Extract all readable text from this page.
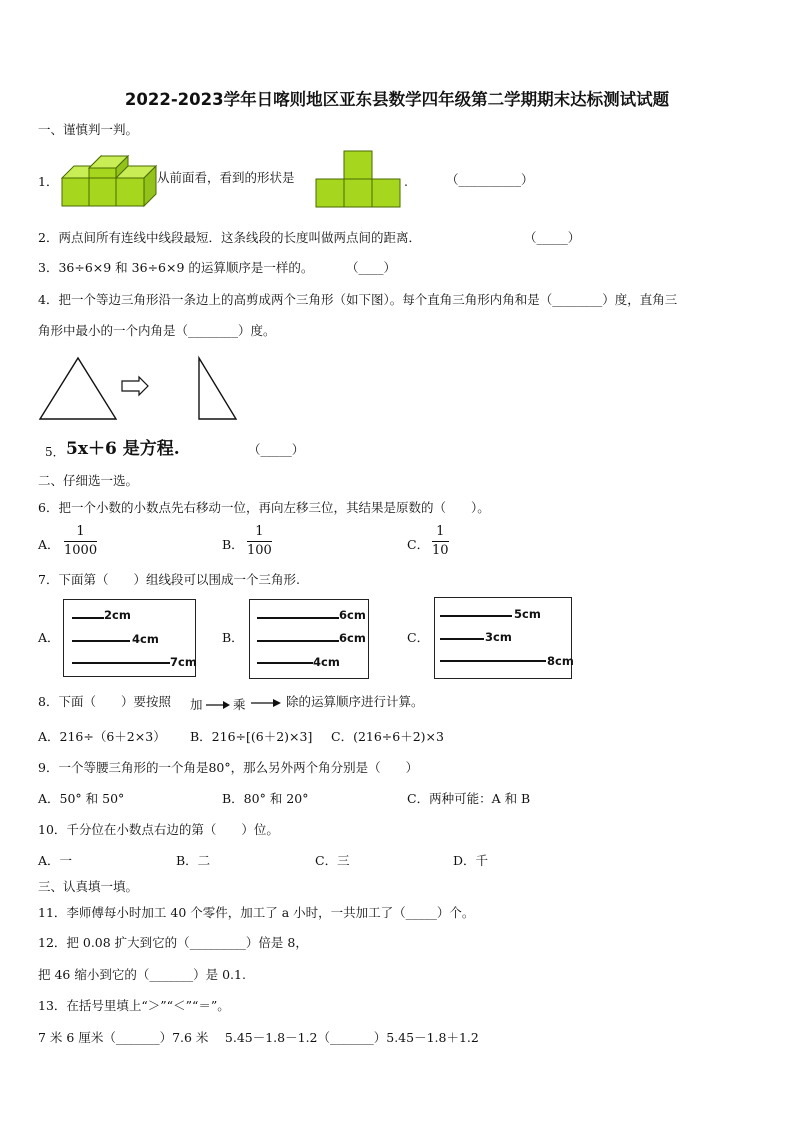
2022-2023学年日喀则地区亚东县数学四年级第二学期期末达标测试试题
一、谨慎判一判。
1．	从前面看，看到的形状是	.	（__________）
2．两点间所有连线中线段最短．这条线段的长度叫做两点间的距离．	（_____）
3．36÷6×9 和 36÷6×9 的运算顺序是一样的。	（____）
4．把一个等边三角形沿一条边上的高剪成两个三角形（如下图）。每个直角三角形内角和是（________）度，直角三
角形中最小的一个内角是（________）度。
5． 5x＋6 是方程.	（_____）
二、仔细选一选。
6．把一个小数的小数点先右移动一位，再向左移三位，其结果是原数的（　　）。
A．
1
1000	B．
1
100	C．
1
10
7．下面第（　　）组线段可以围成一个三角形.
A．
2cm
4cm
7cm
B．
6cm
6cm
4cm
C．
5cm
3cm
8cm
8．下面（　　）要按照 加 乘	除的运算顺序进行计算。
A．216÷（6＋2×3） B．216÷[(6＋2)×3] C．(216÷6＋2)×3
9．一个等腰三角形的一个角是80°，那么另外两个角分别是（　　）
A．50° 和 50°	B．80° 和 20°	C．两种可能：A 和 B
10．千分位在小数点右边的第（　　）位。
A．一	B．二	C．三	D．千
三、认真填一填。
11．李师傅每小时加工 40 个零件，加工了 a 小时，一共加工了（_____）个。
12．把 0.08 扩大到它的（_________）倍是 8，
把 46 缩小到它的（_______）是 0.1.
13．在括号里填上“＞”“＜”“＝”。
7 米 6 厘米（_______）7.6 米　 5.45－1.8－1.2（_______）5.45－1.8＋1.2
